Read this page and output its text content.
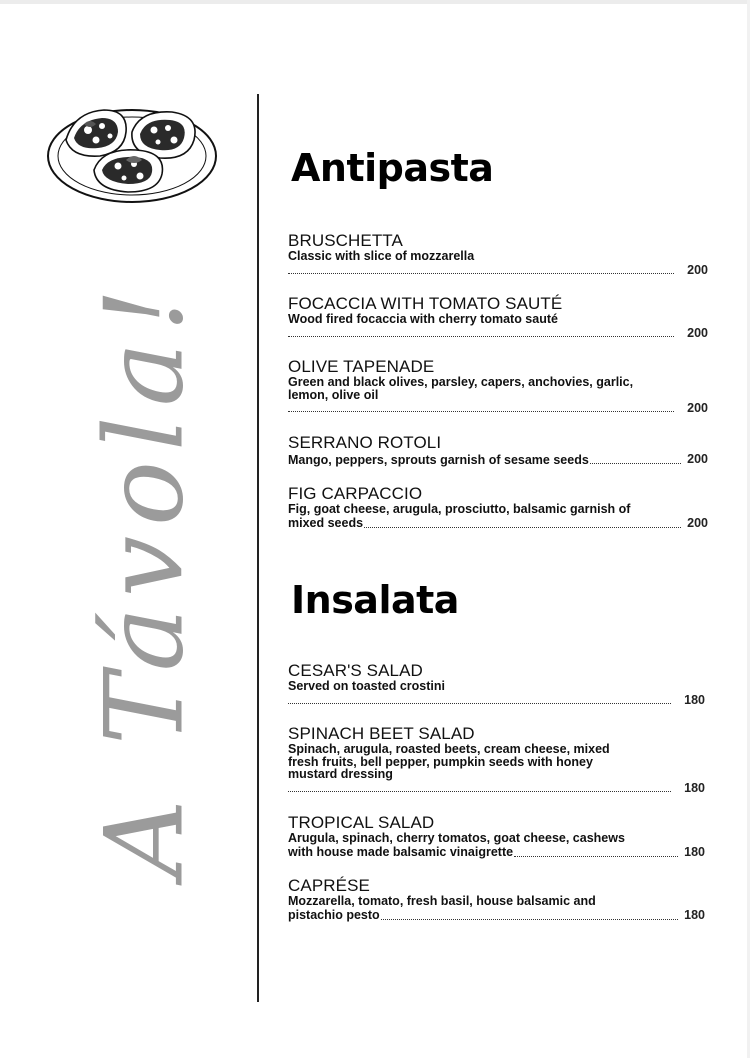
A Távola!
Antipasta
BRUSCHETTA
Classic with slice of mozzarella
200
FOCACCIA WITH TOMATO SAUTÉ
Wood fired focaccia with cherry tomato sauté
200
OLIVE TAPENADE
Green and black olives, parsley, capers, anchovies, garlic,
lemon, olive oil
200
SERRANO ROTOLI
Mango, peppers, sprouts garnish of sesame seeds	200
FIG CARPACCIO
Fig, goat cheese, arugula, prosciutto, balsamic garnish of
mixed seeds	200
Insalata
CESAR'S SALAD
Served on toasted crostini
180
SPINACH BEET SALAD
Spinach, arugula, roasted beets, cream cheese, mixed
fresh fruits, bell pepper, pumpkin seeds with honey
mustard dressing
180
TROPICAL SALAD
Arugula, spinach, cherry tomatos, goat cheese, cashews
with house made balsamic vinaigrette	180
CAPRÉSE
Mozzarella, tomato, fresh basil, house balsamic and
pistachio pesto	180
